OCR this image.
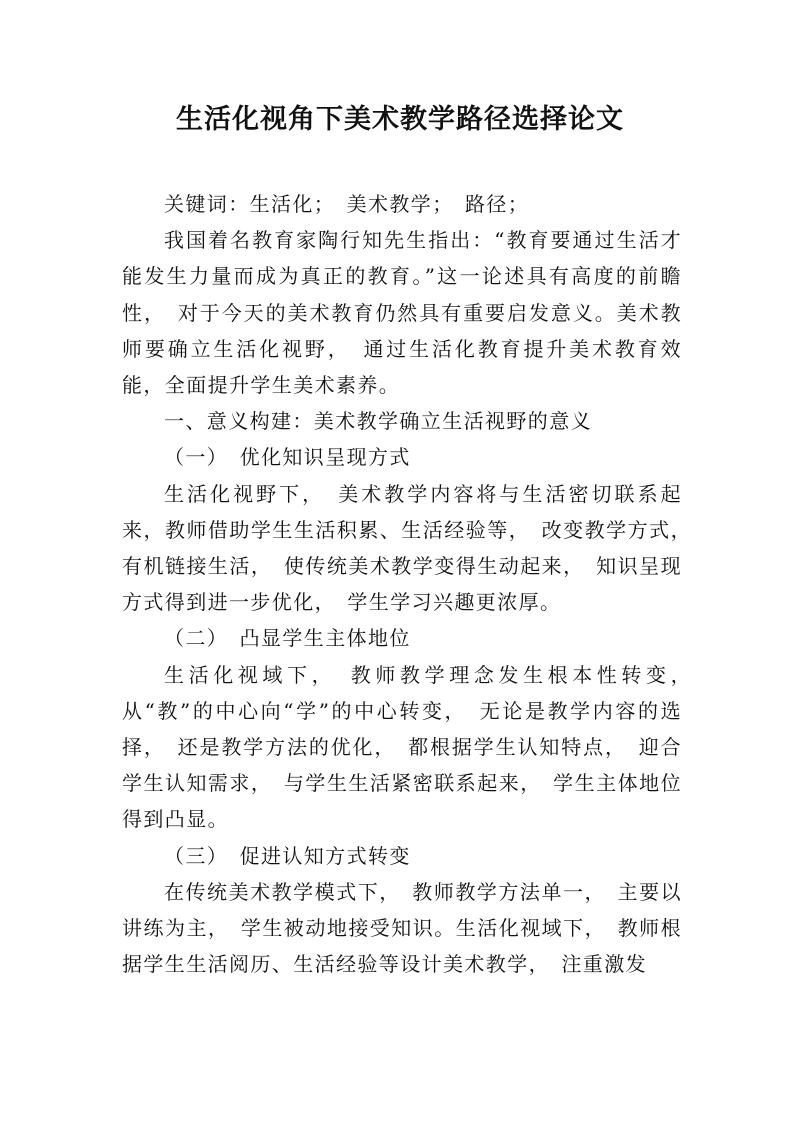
生活化视角下美术教学路径选择论文

关键词：生活化；　美术教学；　路径；

我国着名教育家陶行知先生指出：“教育要通过生活才能发生力量而成为真正的教育。”这一论述具有高度的前瞻性，　对于今天的美术教育仍然具有重要启发意义。美术教师要确立生活化视野，　通过生活化教育提升美术教育效能，全面提升学生美术素养。

一、意义构建：美术教学确立生活视野的意义

（一）　优化知识呈现方式

生活化视野下，　美术教学内容将与生活密切联系起来，教师借助学生生活积累、生活经验等，　改变教学方式，　有机链接生活，　使传统美术教学变得生动起来，　知识呈现方式得到进一步优化，　学生学习兴趣更浓厚。

（二）　凸显学生主体地位

生活化视域下，　教师教学理念发生根本性转变，　从“教”的中心向“学”的中心转变，　无论是教学内容的选择，　还是教学方法的优化，　都根据学生认知特点，　迎合学生认知需求，　与学生生活紧密联系起来，　学生主体地位得到凸显。

（三）　促进认知方式转变

在传统美术教学模式下，　教师教学方法单一，　主要以讲练为主，　学生被动地接受知识。生活化视域下，　教师根据学生生活阅历、生活经验等设计美术教学，　注重激发
